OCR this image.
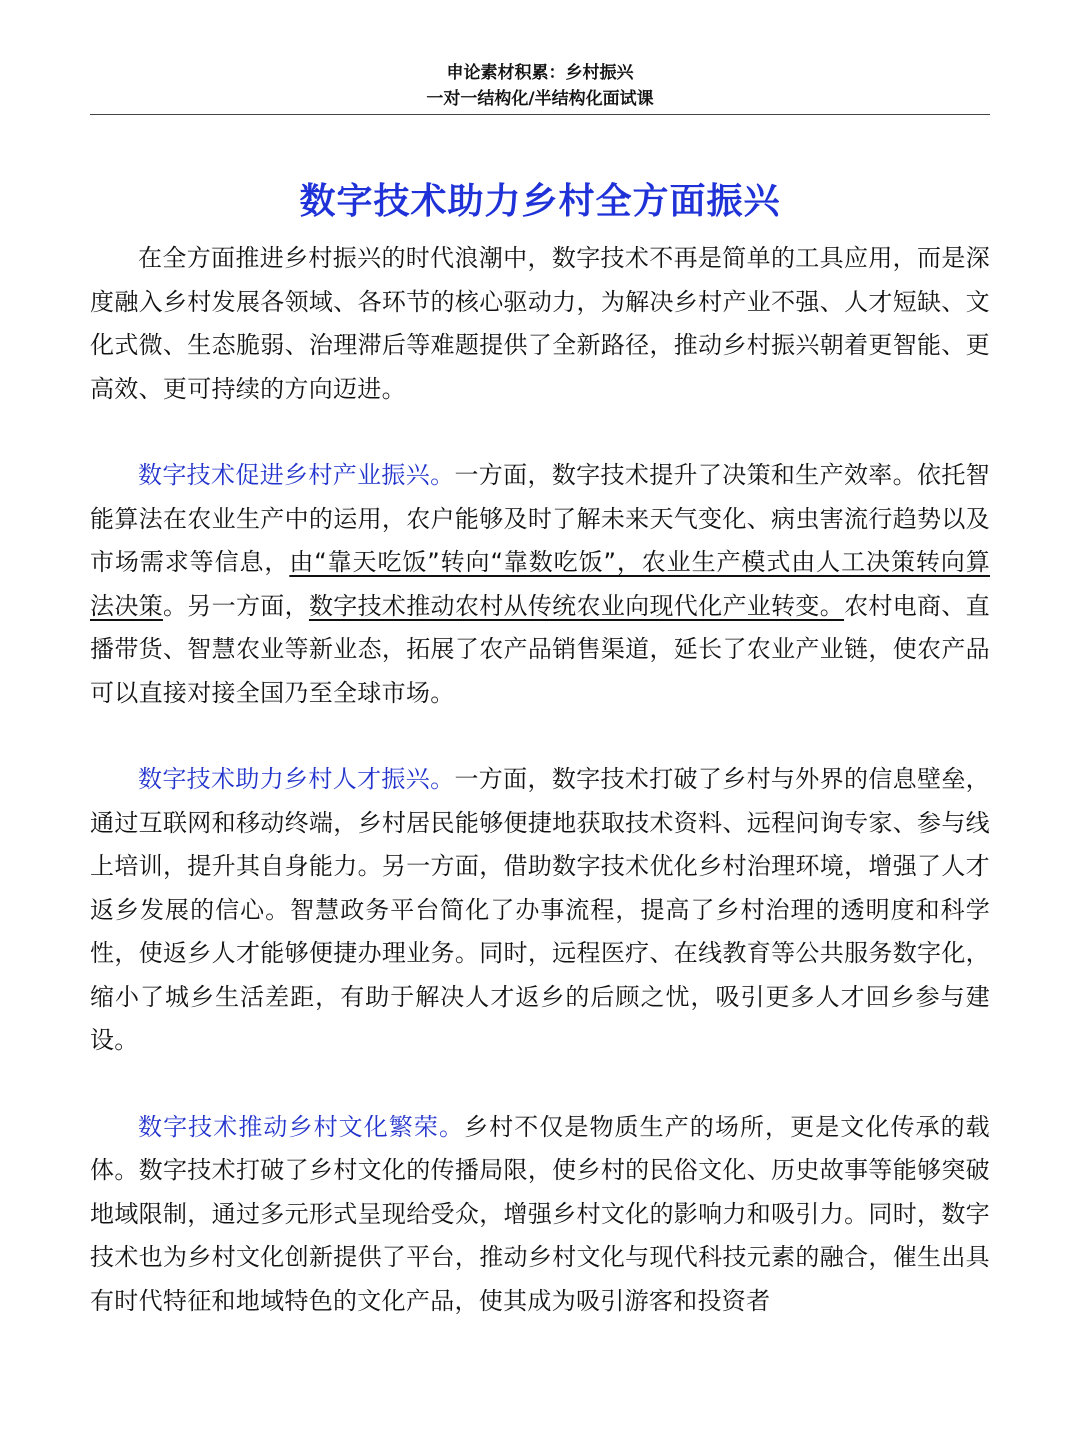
申论素材积累：乡村振兴
一对一结构化/半结构化面试课
数字技术助力乡村全方面振兴

在全方面推进乡村振兴的时代浪潮中，数字技术不再是简单的工具应用，而是深度融入乡村发展各领域、各环节的核心驱动力，为解决乡村产业不强、人才短缺、文化式微、生态脆弱、治理滞后等难题提供了全新路径，推动乡村振兴朝着更智能、更高效、更可持续的方向迈进。

数字技术促进乡村产业振兴。一方面，数字技术提升了决策和生产效率。依托智能算法在农业生产中的运用，农户能够及时了解未来天气变化、病虫害流行趋势以及市场需求等信息，由“靠天吃饭”转向“靠数吃饭”，农业生产模式由人工决策转向算法决策。另一方面，数字技术推动农村从传统农业向现代化产业转变。农村电商、直播带货、智慧农业等新业态，拓展了农产品销售渠道，延长了农业产业链，使农产品可以直接对接全国乃至全球市场。

数字技术助力乡村人才振兴。一方面，数字技术打破了乡村与外界的信息壁垒，通过互联网和移动终端，乡村居民能够便捷地获取技术资料、远程问询专家、参与线上培训，提升其自身能力。另一方面，借助数字技术优化乡村治理环境，增强了人才返乡发展的信心。智慧政务平台简化了办事流程，提高了乡村治理的透明度和科学性，使返乡人才能够便捷办理业务。同时，远程医疗、在线教育等公共服务数字化，缩小了城乡生活差距，有助于解决人才返乡的后顾之忧，吸引更多人才回乡参与建设。

数字技术推动乡村文化繁荣。乡村不仅是物质生产的场所，更是文化传承的载体。数字技术打破了乡村文化的传播局限，使乡村的民俗文化、历史故事等能够突破地域限制，通过多元形式呈现给受众，增强乡村文化的影响力和吸引力。同时，数字技术也为乡村文化创新提供了平台，推动乡村文化与现代科技元素的融合，催生出具有时代特征和地域特色的文化产品，使其成为吸引游客和投资者
